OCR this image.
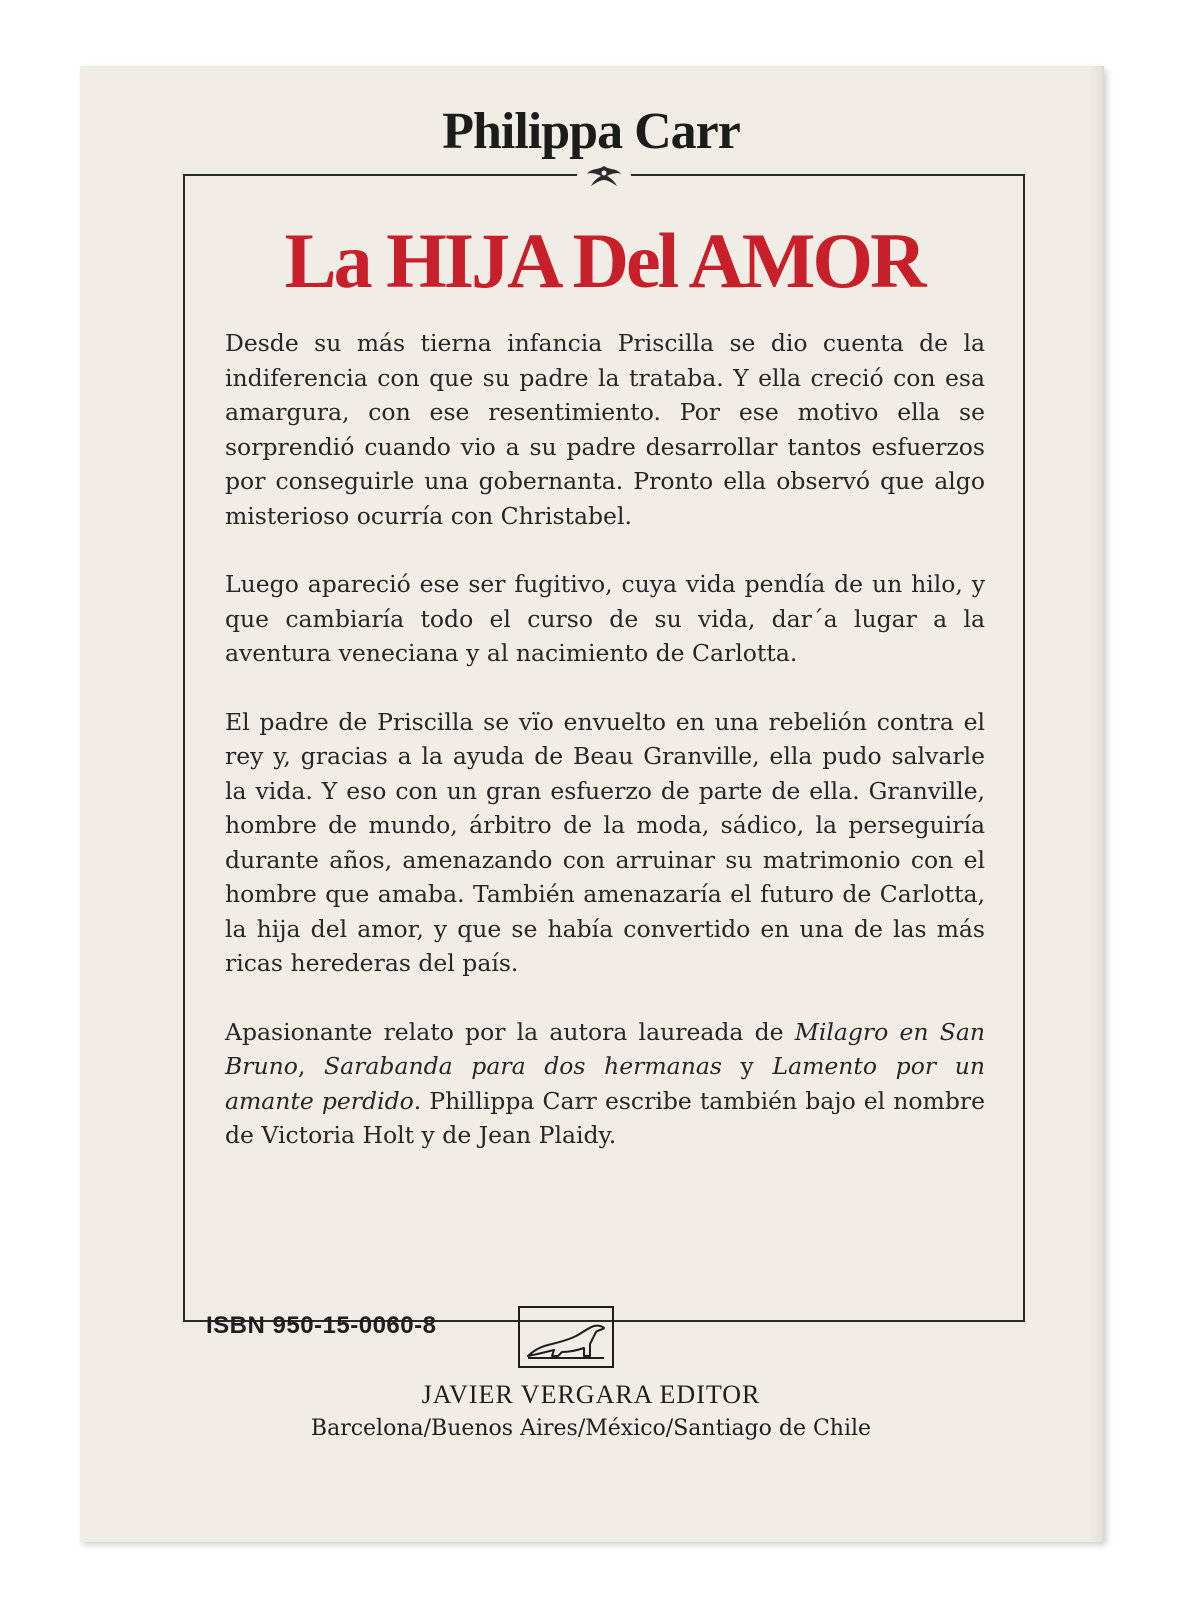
Philippa Carr
La HIJA Del AMOR

Desde su más tierna infancia Priscilla se dio cuenta de la indiferencia con que su padre la trataba. Y ella creció con esa amargura, con ese resentimiento. Por ese motivo ella se sorprendió cuando vio a su padre desarrollar tantos esfuerzos por conseguirle una gobernanta. Pronto ella observó que algo misterioso ocurría con Christabel.

Luego apareció ese ser fugitivo, cuya vida pendía de un hilo, y que cambiaría todo el curso de su vida, dar´a lugar a la aventura veneciana y al nacimiento de Carlotta.

El padre de Priscilla se vïo envuelto en una rebelión contra el rey y, gracias a la ayuda de Beau Granville, ella pudo salvarle la vida. Y eso con un gran esfuerzo de parte de ella. Granville, hombre de mundo, árbitro de la moda, sádico, la perseguiría durante años, amenazando con arruinar su matrimonio con el hombre que amaba. También amenazaría el futuro de Carlotta, la hija del amor, y que se había convertido en una de las más ricas herederas del país.

Apasionante relato por la autora laureada de Milagro en San Bruno, Sarabanda para dos hermanas y Lamento por un amante perdido. Phillippa Carr escribe también bajo el nombre de Victoria Holt y de Jean Plaidy.

ISBN 950-15-0060-8
JAVIER VERGARA EDITOR
Barcelona/Buenos Aires/México/Santiago de Chile
